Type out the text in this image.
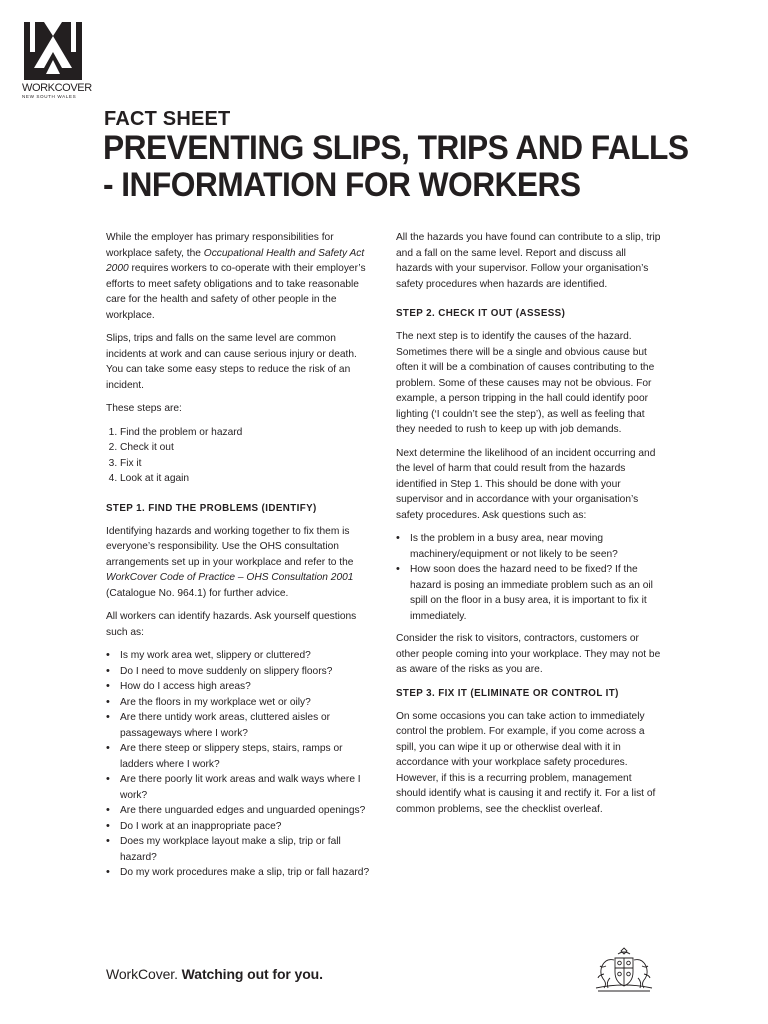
WORKCOVER
NEW SOUTH WALES
FACT SHEET
PREVENTING SLIPS, TRIPS AND FALLS
- INFORMATION FOR WORKERS

While the employer has primary responsibilities for workplace safety, the Occupational Health and Safety Act 2000 requires workers to co-operate with their employer’s efforts to meet safety obligations and to take reasonable care for the health and safety of other people in the workplace.

Slips, trips and falls on the same level are common incidents at work and can cause serious injury or death. You can take some easy steps to reduce the risk of an incident.

These steps are:

1. Find the problem or hazard
2. Check it out
3. Fix it
4. Look at it again
STEP 1. FIND THE PROBLEMS (IDENTIFY)

Identifying hazards and working together to fix them is everyone’s responsibility. Use the OHS consultation arrangements set up in your workplace and refer to the WorkCover Code of Practice – OHS Consultation 2001 (Catalogue No. 964.1) for further advice.

All workers can identify hazards. Ask yourself questions such as:

• Is my work area wet, slippery or cluttered?
• Do I need to move suddenly on slippery floors?
• How do I access high areas?
• Are the floors in my workplace wet or oily?
• Are there untidy work areas, cluttered aisles or passageways where I work?
• Are there steep or slippery steps, stairs, ramps or ladders where I work?
• Are there poorly lit work areas and walk ways where I work?
• Are there unguarded edges and unguarded openings?
• Do I work at an inappropriate pace?
• Does my workplace layout make a slip, trip or fall hazard?
• Do my work procedures make a slip, trip or fall hazard?

All the hazards you have found can contribute to a slip, trip and a fall on the same level. Report and discuss all hazards with your supervisor. Follow your organisation’s safety procedures when hazards are identified.

STEP 2. CHECK IT OUT (ASSESS)

The next step is to identify the causes of the hazard. Sometimes there will be a single and obvious cause but often it will be a combination of causes contributing to the problem. Some of these causes may not be obvious. For example, a person tripping in the hall could identify poor lighting (‘I couldn’t see the step’), as well as feeling that they needed to rush to keep up with job demands.

Next determine the likelihood of an incident occurring and the level of harm that could result from the hazards identified in Step 1. This should be done with your supervisor and in accordance with your organisation’s safety procedures. Ask questions such as:

• Is the problem in a busy area, near moving machinery/equipment or not likely to be seen?
• How soon does the hazard need to be fixed? If the hazard is posing an immediate problem such as an oil spill on the floor in a busy area, it is important to fix it immediately.

Consider the risk to visitors, contractors, customers or other people coming into your workplace. They may not be as aware of the risks as you are.

STEP 3. FIX IT (ELIMINATE OR CONTROL IT)

On some occasions you can take action to immediately control the problem. For example, if you come across a spill, you can wipe it up or otherwise deal with it in accordance with your workplace safety procedures. However, if this is a recurring problem, management should identify what is causing it and rectify it. For a list of common problems, see the checklist overleaf.

WorkCover. Watching out for you.
